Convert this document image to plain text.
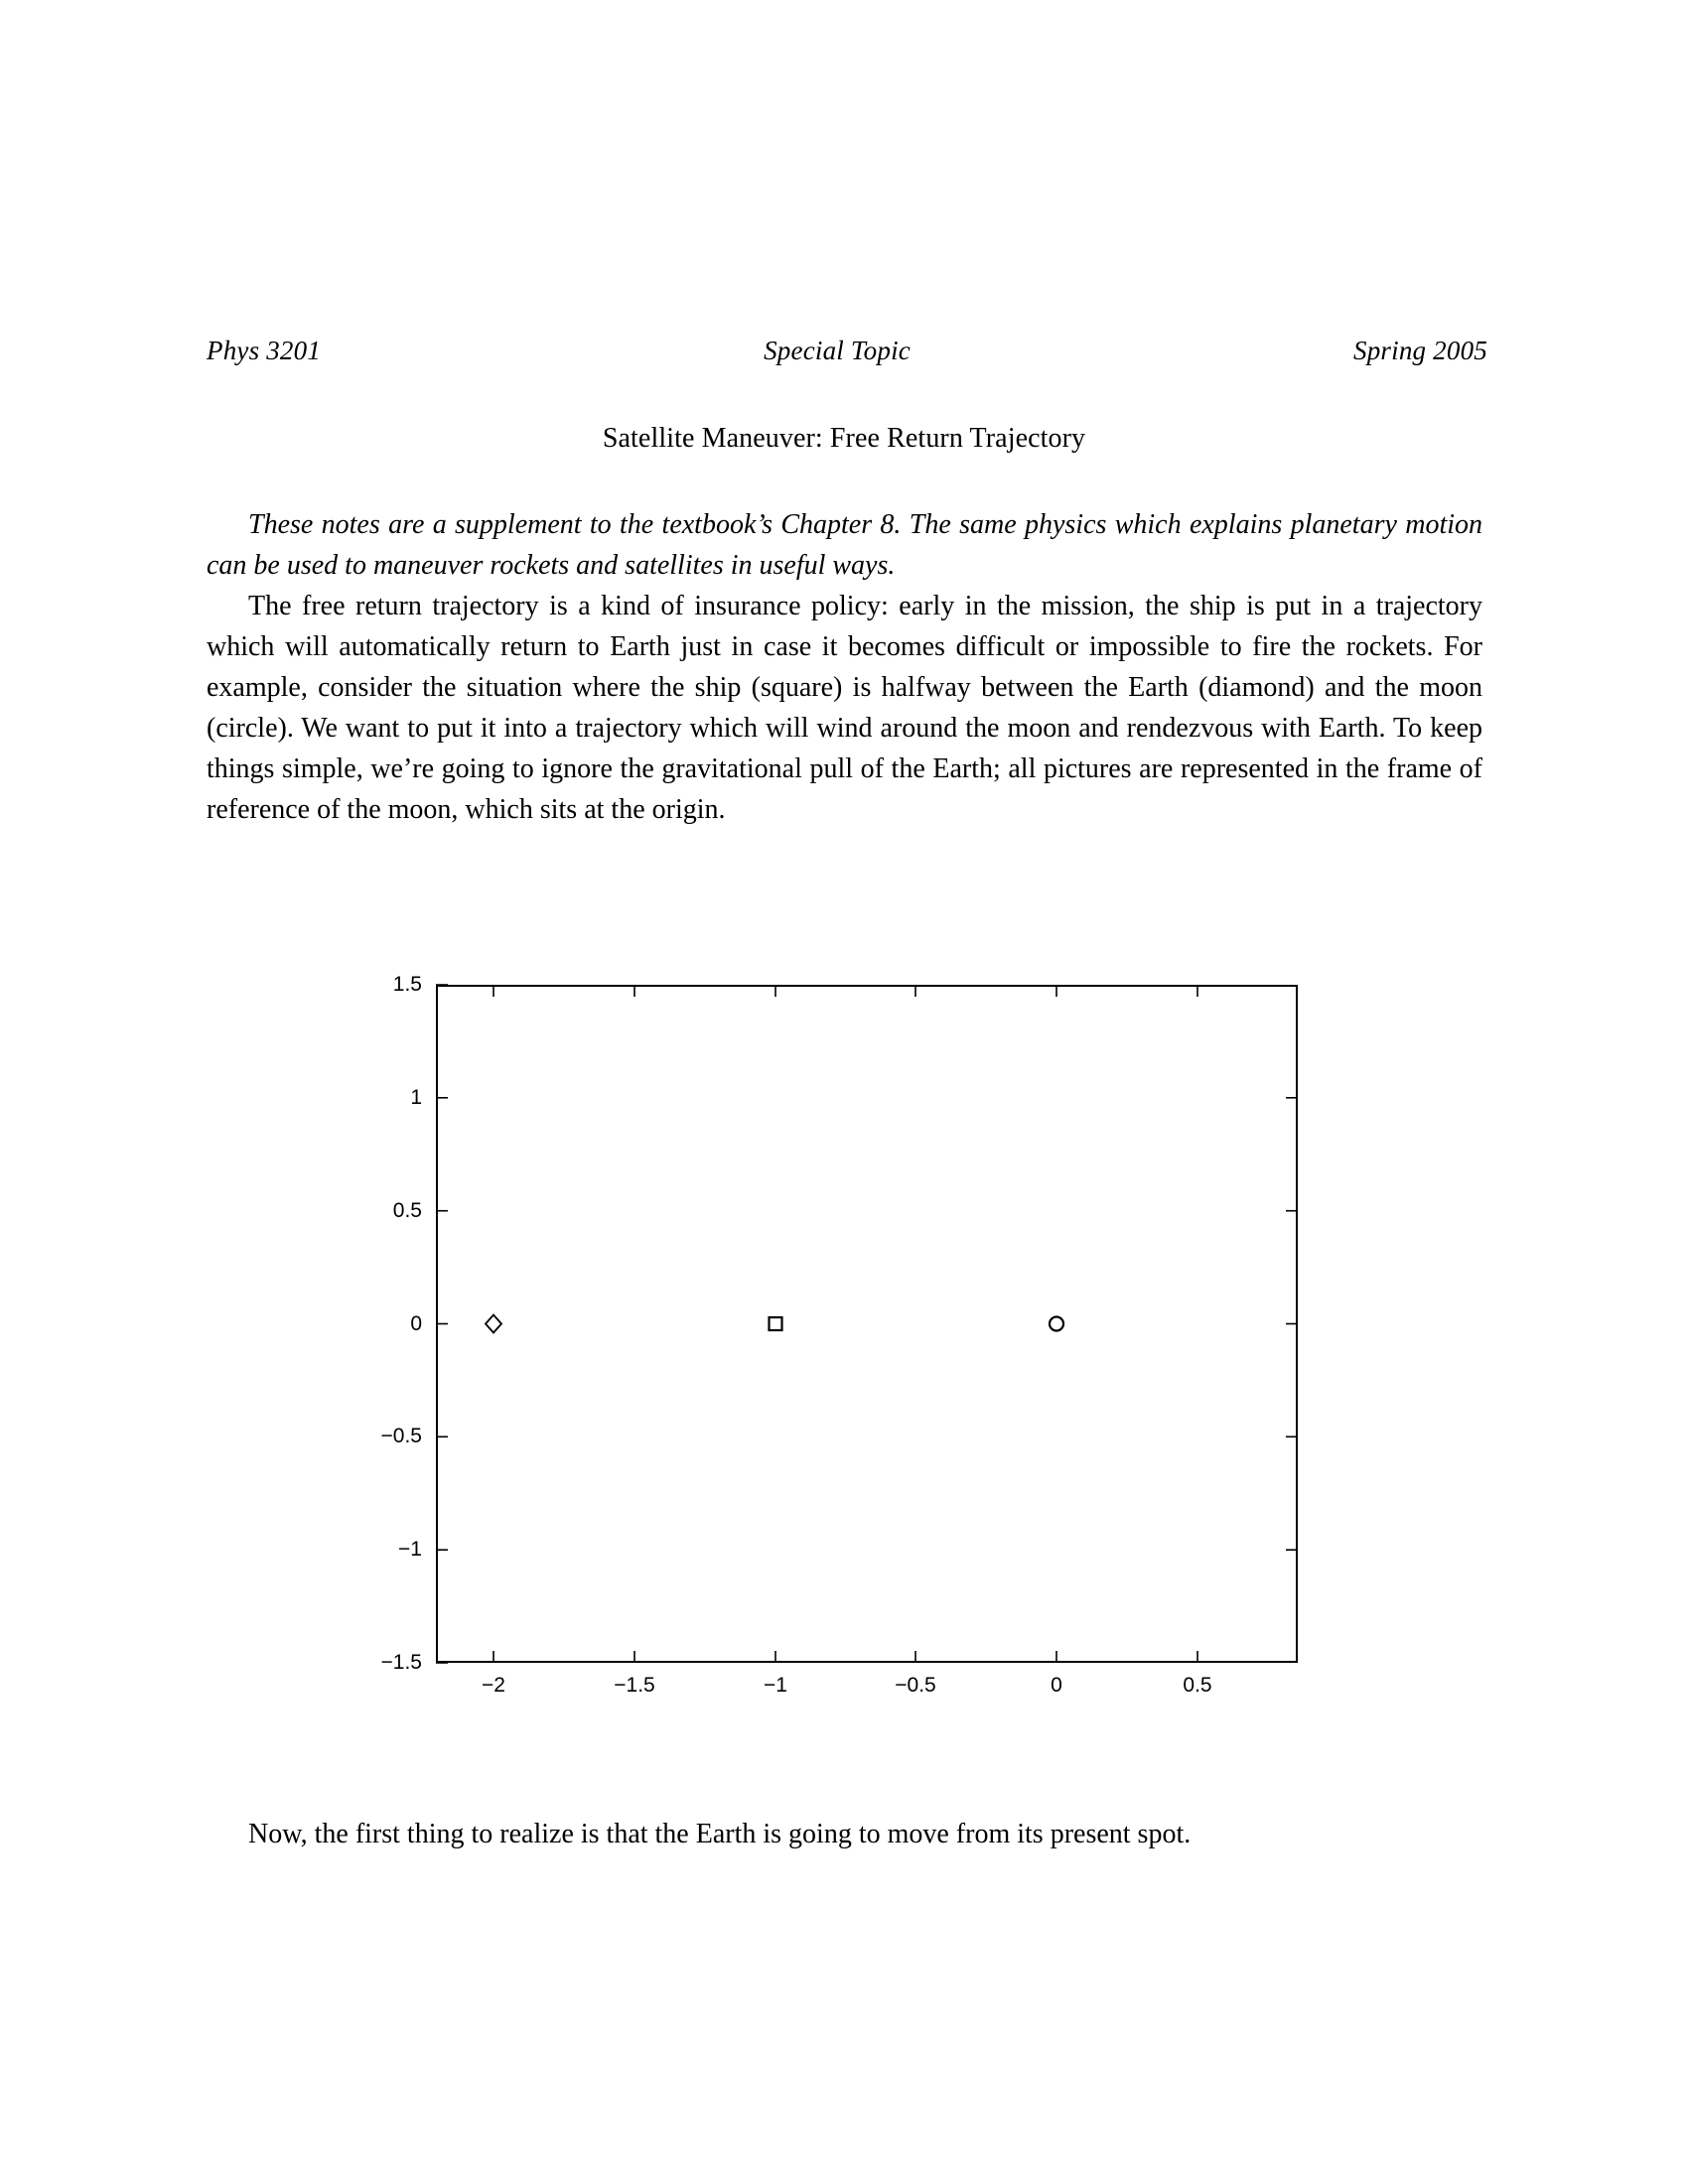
Phys 3201	Special Topic	Spring 2005
Satellite Maneuver: Free Return Trajectory

These notes are a supplement to the textbook’s Chapter 8. The same physics which explains planetary motion can be used to maneuver rockets and satellites in useful ways.

The free return trajectory is a kind of insurance policy: early in the mission, the ship is put in a trajectory which will automatically return to Earth just in case it becomes difficult or impossible to fire the rockets. For example, consider the situation where the ship (square) is halfway between the Earth (diamond) and the moon (circle). We want to put it into a trajectory which will wind around the moon and rendezvous with Earth. To keep things simple, we’re going to ignore the gravitational pull of the Earth; all pictures are represented in the frame of reference of the moon, which sits at the origin.

−2	−1.5	−1	−0.5	0	0.5
1.5
1
0.5
0
−0.5
−1
−1.5

Now, the first thing to realize is that the Earth is going to move from its present spot.
